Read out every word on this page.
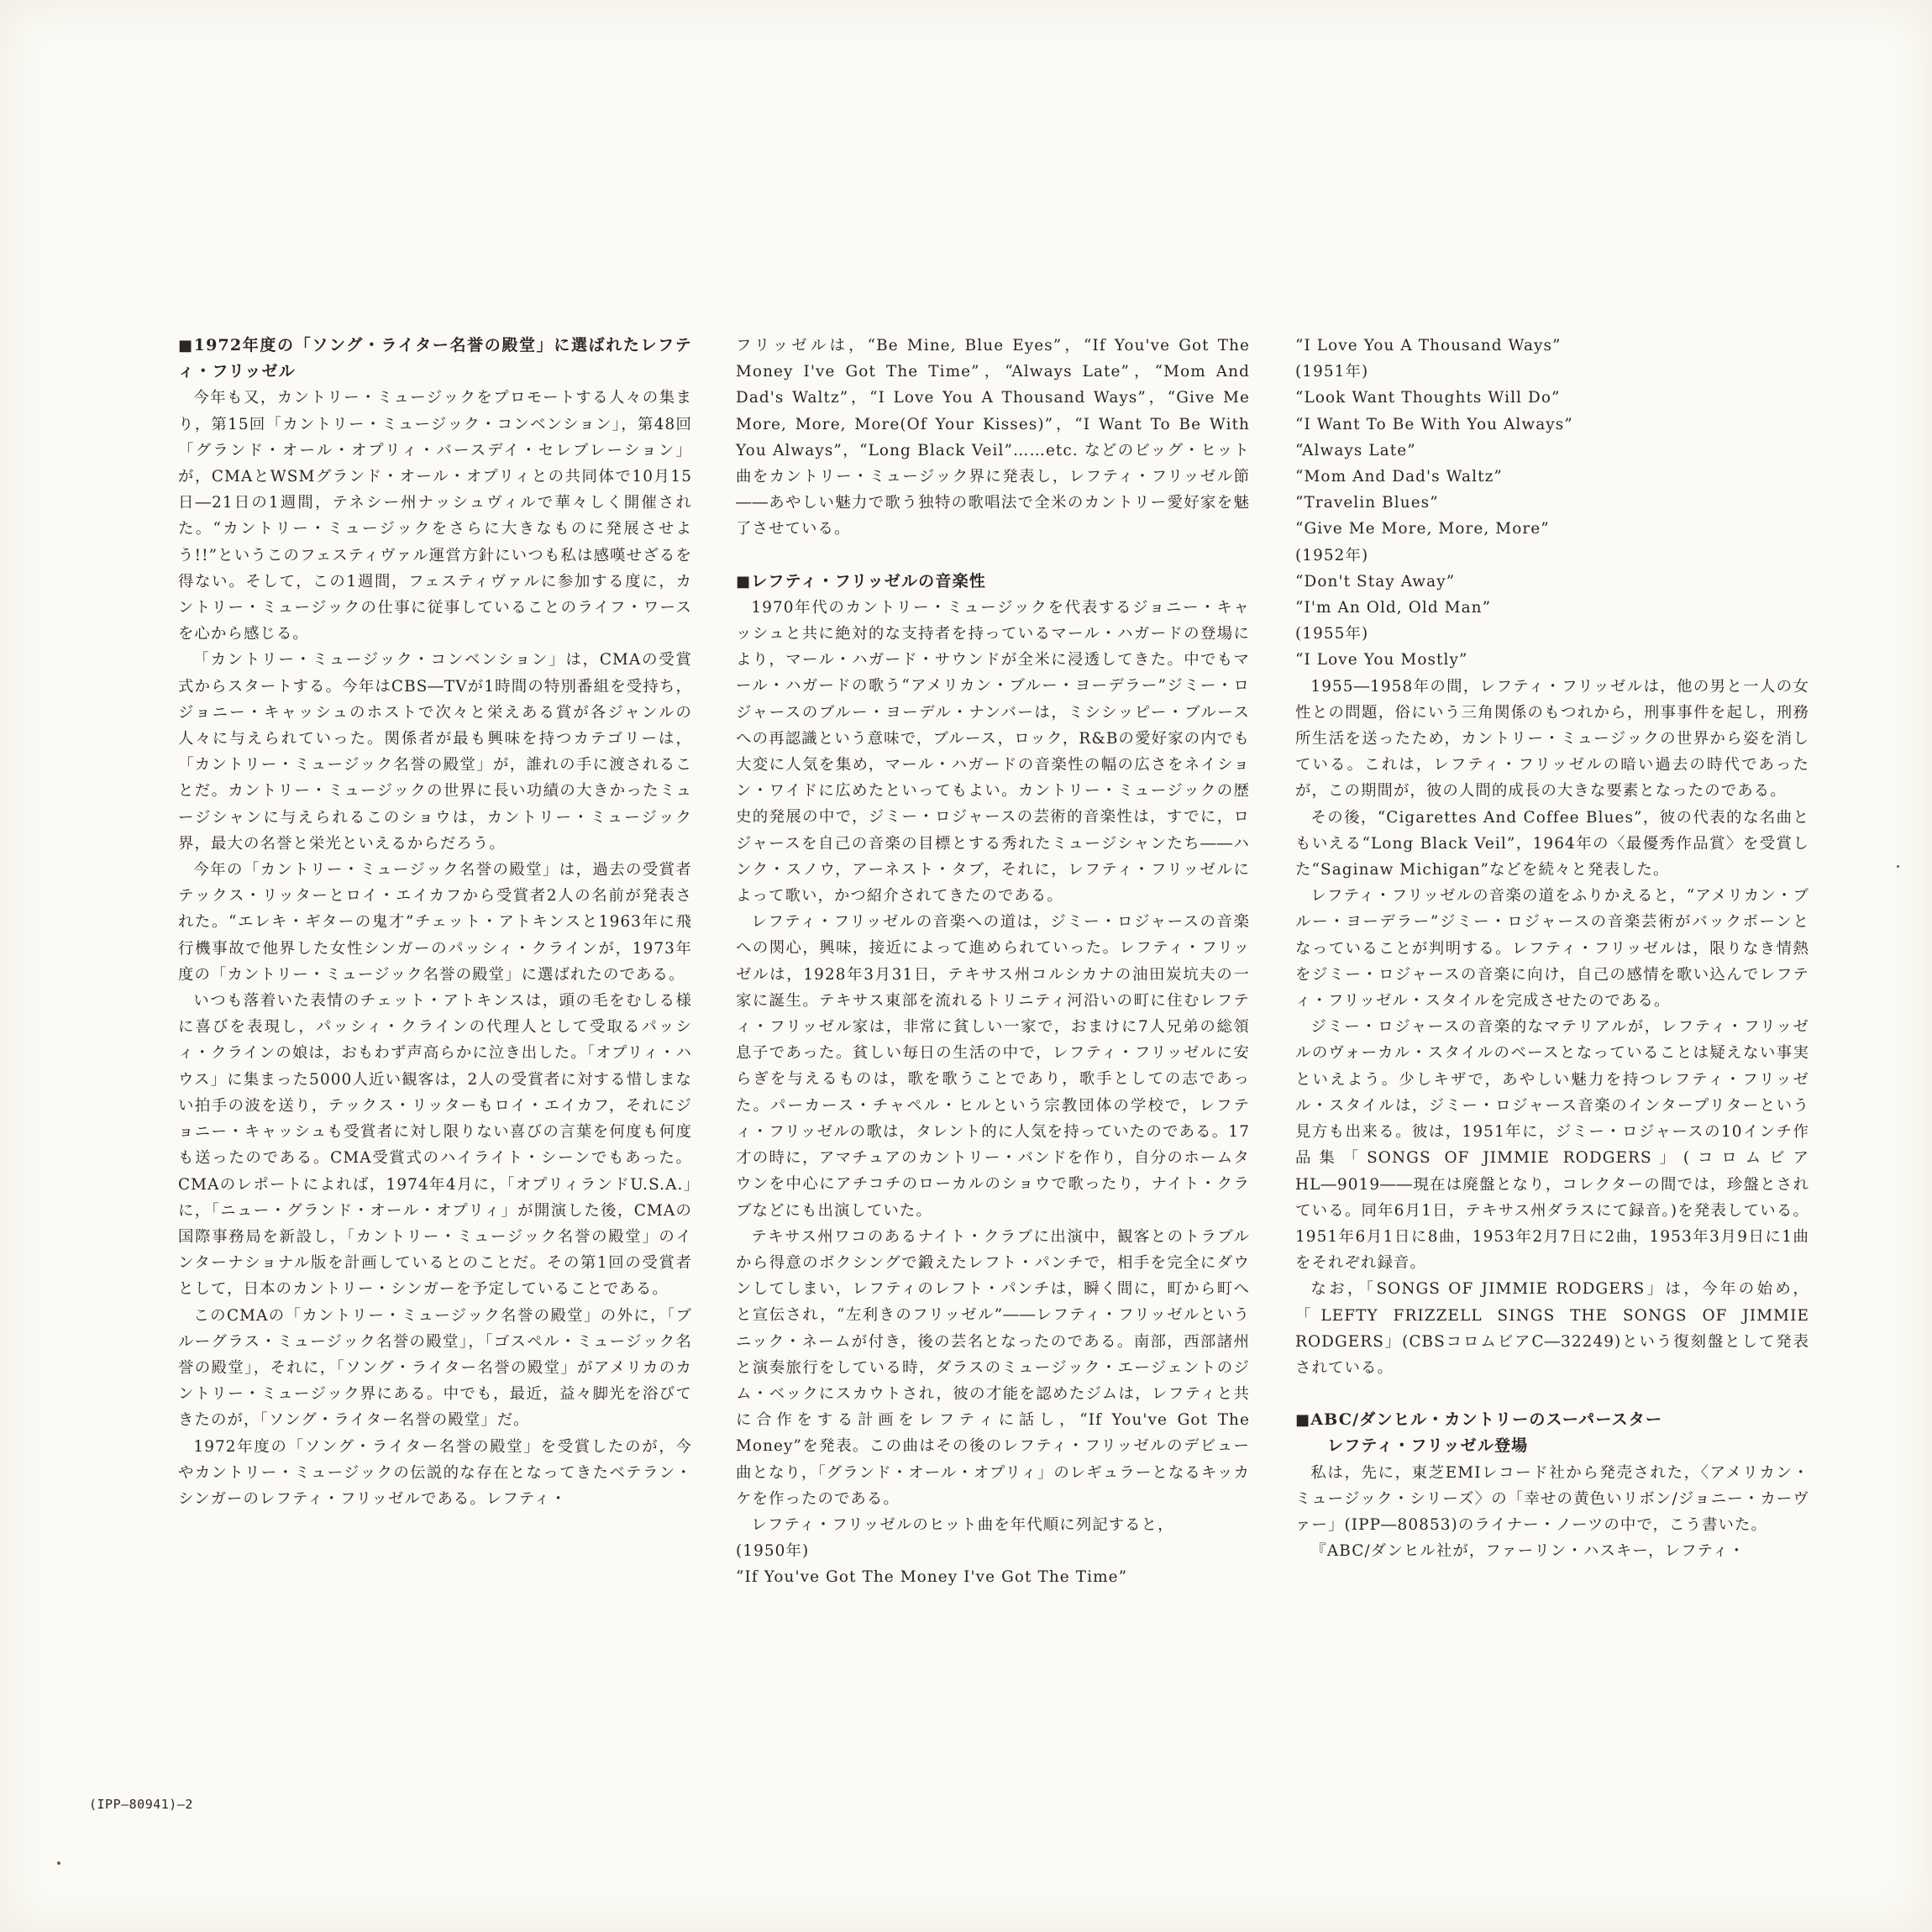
■1972年度の「ソング・ライター名誉の殿堂」に選ばれたレフティ・フリッゼル

今年も又，カントリー・ミュージックをプロモートする人々の集まり，第15回「カントリー・ミュージック・コンベンション」，第48回「グランド・オール・オプリィ・バースデイ・セレブレーション」が，CMAとWSMグランド・オール・オプリィとの共同体で10月15日―21日の1週間，テネシー州ナッシュヴィルで華々しく開催された。“カントリー・ミュージックをさらに大きなものに発展させよう!!”というこのフェスティヴァル運営方針にいつも私は感嘆せざるを得ない。そして，この1週間，フェスティヴァルに参加する度に，カントリー・ミュージックの仕事に従事していることのライフ・ワースを心から感じる。

「カントリー・ミュージック・コンベンション」は，CMAの受賞式からスタートする。今年はCBS―TVが1時間の特別番組を受持ち，ジョニー・キャッシュのホストで次々と栄えある賞が各ジャンルの人々に与えられていった。関係者が最も興味を持つカテゴリーは，「カントリー・ミュージック名誉の殿堂」が，誰れの手に渡されることだ。カントリー・ミュージックの世界に長い功績の大きかったミュージシャンに与えられるこのショウは，カントリー・ミュージック界，最大の名誉と栄光といえるからだろう。

今年の「カントリー・ミュージック名誉の殿堂」は，過去の受賞者テックス・リッターとロイ・エイカフから受賞者2人の名前が発表された。“エレキ・ギターの鬼才”チェット・アトキンスと1963年に飛行機事故で他界した女性シンガーのパッシィ・クラインが，1973年度の「カントリー・ミュージック名誉の殿堂」に選ばれたのである。

いつも落着いた表情のチェット・アトキンスは，頭の毛をむしる様に喜びを表現し，パッシィ・クラインの代理人として受取るパッシィ・クラインの娘は，おもわず声高らかに泣き出した。「オプリィ・ハウス」に集まった5000人近い観客は，2人の受賞者に対する惜しまない拍手の波を送り，テックス・リッターもロイ・エイカフ，それにジョニー・キャッシュも受賞者に対し限りない喜びの言葉を何度も何度も送ったのである。CMA受賞式のハイライト・シーンでもあった。CMAのレポートによれば，1974年4月に，「オプリィランドU.S.A.」に，「ニュー・グランド・オール・オプリィ」が開演した後，CMAの国際事務局を新設し，「カントリー・ミュージック名誉の殿堂」のインターナショナル版を計画しているとのことだ。その第1回の受賞者として，日本のカントリー・シンガーを予定していることである。

このCMAの「カントリー・ミュージック名誉の殿堂」の外に，「ブルーグラス・ミュージック名誉の殿堂」，「ゴスペル・ミュージック名誉の殿堂」，それに，「ソング・ライター名誉の殿堂」がアメリカのカントリー・ミュージック界にある。中でも，最近，益々脚光を浴びてきたのが，「ソング・ライター名誉の殿堂」だ。

1972年度の「ソング・ライター名誉の殿堂」を受賞したのが，今やカントリー・ミュージックの伝説的な存在となってきたベテラン・シンガーのレフティ・フリッゼルである。レフティ・

フリッゼルは，“Be Mine, Blue Eyes”，“If You've Got The Money I've Got The Time”，“Always Late”，“Mom And Dad's Waltz”，“I Love You A Thousand Ways”，“Give Me More, More, More(Of Your Kisses)”，“I Want To Be With You Always”，“Long Black Veil”……etc. などのビッグ・ヒット曲をカントリー・ミュージック界に発表し，レフティ・フリッゼル節――あやしい魅力で歌う独特の歌唱法で全米のカントリー愛好家を魅了させている。

■レフティ・フリッゼルの音楽性

1970年代のカントリー・ミュージックを代表するジョニー・キャッシュと共に絶対的な支持者を持っているマール・ハガードの登場により，マール・ハガード・サウンドが全米に浸透してきた。中でもマール・ハガードの歌う“アメリカン・ブルー・ヨーデラー”ジミー・ロジャースのブルー・ヨーデル・ナンバーは，ミシシッピー・ブルースへの再認識という意味で，ブルース，ロック，R&Bの愛好家の内でも大変に人気を集め，マール・ハガードの音楽性の幅の広さをネイション・ワイドに広めたといってもよい。カントリー・ミュージックの歴史的発展の中で，ジミー・ロジャースの芸術的音楽性は，すでに，ロジャースを自己の音楽の目標とする秀れたミュージシャンたち――ハンク・スノウ，アーネスト・タブ，それに，レフティ・フリッゼルによって歌い，かつ紹介されてきたのである。

レフティ・フリッゼルの音楽への道は，ジミー・ロジャースの音楽への関心，興味，接近によって進められていった。レフティ・フリッゼルは，1928年3月31日，テキサス州コルシカナの油田炭坑夫の一家に誕生。テキサス東部を流れるトリニティ河沿いの町に住むレフティ・フリッゼル家は，非常に貧しい一家で，おまけに7人兄弟の総領息子であった。貧しい毎日の生活の中で，レフティ・フリッゼルに安らぎを与えるものは，歌を歌うことであり，歌手としての志であった。パーカース・チャペル・ヒルという宗教団体の学校で，レフティ・フリッゼルの歌は，タレント的に人気を持っていたのである。17才の時に，アマチュアのカントリー・バンドを作り，自分のホームタウンを中心にアチコチのローカルのショウで歌ったり，ナイト・クラブなどにも出演していた。

テキサス州ワコのあるナイト・クラブに出演中，観客とのトラブルから得意のボクシングで鍛えたレフト・パンチで，相手を完全にダウンしてしまい，レフティのレフト・パンチは，瞬く間に，町から町へと宣伝され，“左利きのフリッゼル”――レフティ・フリッゼルというニック・ネームが付き，後の芸名となったのである。南部，西部諸州と演奏旅行をしている時，ダラスのミュージック・エージェントのジム・ベックにスカウトされ，彼の才能を認めたジムは，レフティと共に合作をする計画をレフティに話し，“If You've Got The Money”を発表。この曲はその後のレフティ・フリッゼルのデビュー曲となり，「グランド・オール・オプリィ」のレギュラーとなるキッカケを作ったのである。

レフティ・フリッゼルのヒット曲を年代順に列記すると，

(1950年)
“If You've Got The Money I've Got The Time”
“I Love You A Thousand Ways”
(1951年)
“Look Want Thoughts Will Do”
“I Want To Be With You Always”
“Always Late”
“Mom And Dad's Waltz”
“Travelin Blues”
“Give Me More, More, More”
(1952年)
“Don't Stay Away”
“I'm An Old, Old Man”
(1955年)
“I Love You Mostly”

1955―1958年の間，レフティ・フリッゼルは，他の男と一人の女性との問題，俗にいう三角関係のもつれから，刑事事件を起し，刑務所生活を送ったため，カントリー・ミュージックの世界から姿を消している。これは，レフティ・フリッゼルの暗い過去の時代であったが，この期間が，彼の人間的成長の大きな要素となったのである。

その後，“Cigarettes And Coffee Blues”，彼の代表的な名曲ともいえる“Long Black Veil”，1964年の〈最優秀作品賞〉を受賞した“Saginaw Michigan”などを続々と発表した。

レフティ・フリッゼルの音楽の道をふりかえると，“アメリカン・ブルー・ヨーデラー”ジミー・ロジャースの音楽芸術がバックボーンとなっていることが判明する。レフティ・フリッゼルは，限りなき情熱をジミー・ロジャースの音楽に向け，自己の感情を歌い込んでレフティ・フリッゼル・スタイルを完成させたのである。

ジミー・ロジャースの音楽的なマテリアルが，レフティ・フリッゼルのヴォーカル・スタイルのベースとなっていることは疑えない事実といえよう。少しキザで，あやしい魅力を持つレフティ・フリッゼル・スタイルは，ジミー・ロジャース音楽のインタープリターという見方も出来る。彼は，1951年に，ジミー・ロジャースの10インチ作品集「SONGS OF JIMMIE RODGERS」(コロムビアHL―9019――現在は廃盤となり，コレクターの間では，珍盤とされている。同年6月1日，テキサス州ダラスにて録音。)を発表している。1951年6月1日に8曲，1953年2月7日に2曲，1953年3月9日に1曲をそれぞれ録音。

なお，「SONGS OF JIMMIE RODGERS」は，今年の始め，「LEFTY FRIZZELL SINGS THE SONGS OF JIMMIE RODGERS」(CBSコロムビアC―32249)という復刻盤として発表されている。

■ABC/ダンヒル・カントリーのスーパースター
レフティ・フリッゼル登場

私は，先に，東芝EMIレコード社から発売された，〈アメリカン・ミュージック・シリーズ〉の「幸せの黄色いリボン/ジョニー・カーヴァー」(IPP―80853)のライナー・ノーツの中で，こう書いた。

『ABC/ダンヒル社が，ファーリン・ハスキー，レフティ・

(IPP―80941)―2
